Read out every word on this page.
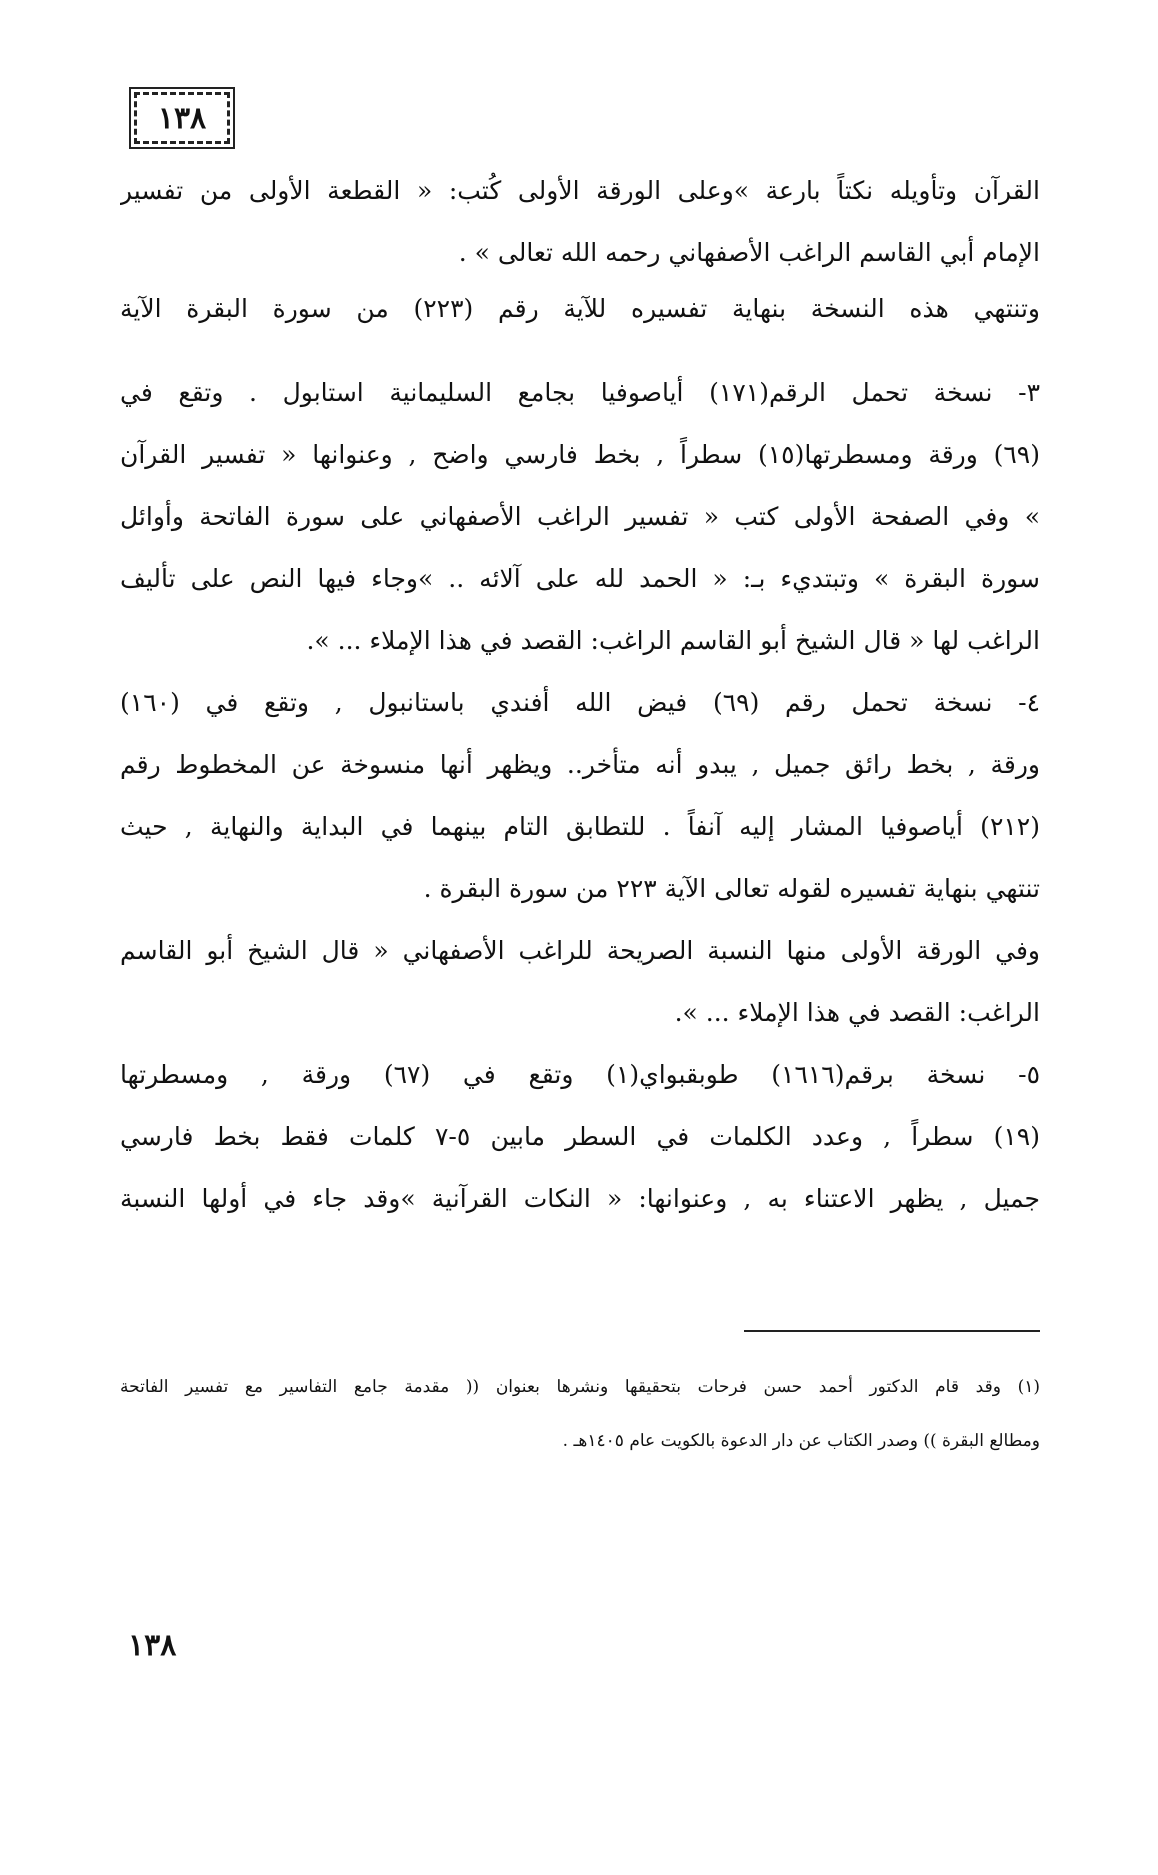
١٣٨
القرآن وتأويله نكتاً بارعة »وعلى الورقة الأولى كُتب: « القطعة الأولى من تفسير
الإمام أبي القاسم الراغب الأصفهاني رحمه الله تعالى » .
وتنتهي هذه النسخة بنهاية تفسيره للآية رقم (٢٢٣) من سورة البقرة الآية
٣- نسخة تحمل الرقم(١٧١) أياصوفيا بجامع السليمانية استابول . وتقع في
(٦٩) ورقة ومسطرتها(١٥) سطراً , بخط فارسي واضح , وعنوانها « تفسير القرآن
» وفي الصفحة الأولى كتب « تفسير الراغب الأصفهاني على سورة الفاتحة وأوائل
سورة البقرة » وتبتديء بـ: « الحمد لله على آلائه .. »وجاء فيها النص على تأليف
الراغب لها « قال الشيخ أبو القاسم الراغب: القصد في هذا الإملاء ... ».
٤- نسخة تحمل رقم (٦٩) فيض الله أفندي باستانبول , وتقع في (١٦٠)
ورقة , بخط رائق جميل , يبدو أنه متأخر.. ويظهر أنها منسوخة عن المخطوط رقم
(٢١٢) أياصوفيا المشار إليه آنفاً . للتطابق التام بينهما في البداية والنهاية , حيث
تنتهي بنهاية تفسيره لقوله تعالى الآية ٢٢٣ من سورة البقرة .
وفي الورقة الأولى منها النسبة الصريحة للراغب الأصفهاني « قال الشيخ أبو القاسم
الراغب: القصد في هذا الإملاء ... ».
٥- نسخة برقم(١٦١٦) طوبقبواي(١) وتقع في (٦٧) ورقة , ومسطرتها
(١٩) سطراً , وعدد الكلمات في السطر مابين ٥-٧ كلمات فقط بخط فارسي
جميل , يظهر الاعتناء به , وعنوانها: « النكات القرآنية »وقد جاء في أولها النسبة
(١) وقد قام الدكتور أحمد حسن فرحات بتحقيقها ونشرها بعنوان (( مقدمة جامع التفاسير مع تفسير الفاتحة
ومطالع البقرة )) وصدر الكتاب عن دار الدعوة بالكويت عام ١٤٠٥هـ .
١٣٨
